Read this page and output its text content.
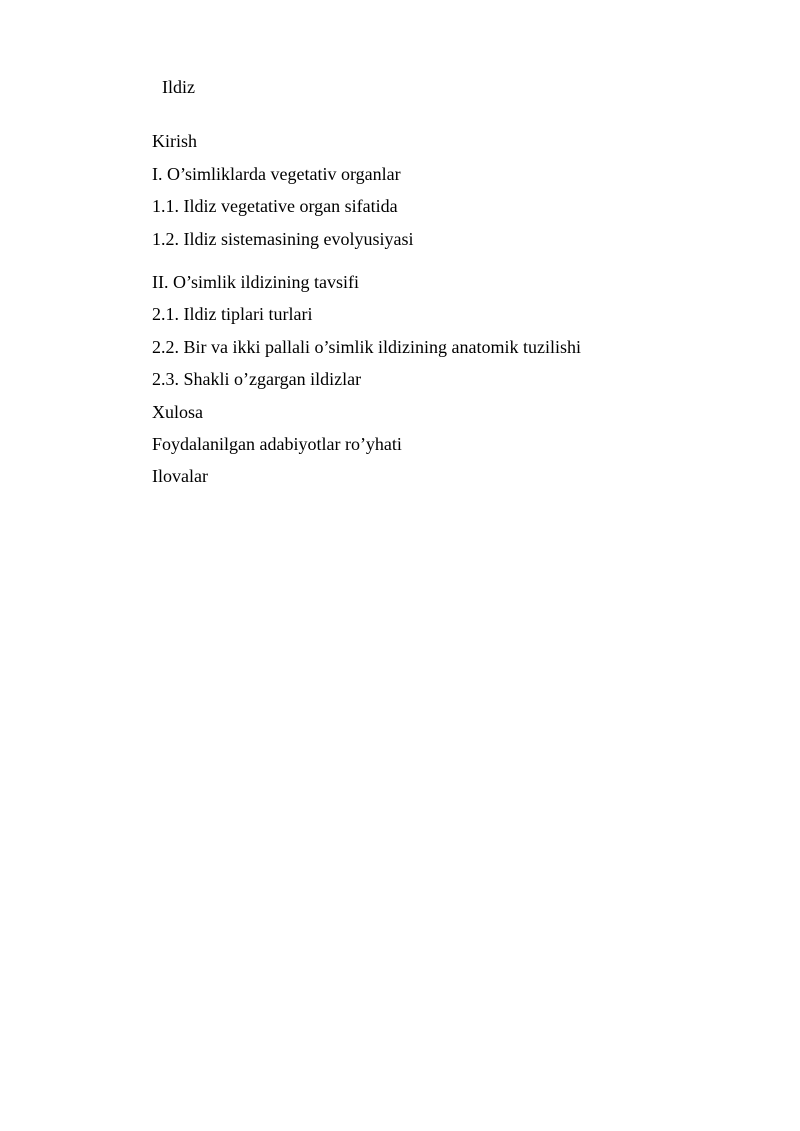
Ildiz
Kirish
I. O’simliklarda vegetativ organlar
1.1. Ildiz vegetative organ sifatida
1.2. Ildiz sistemasining evolyusiyasi
II. O’simlik ildizining tavsifi
2.1. Ildiz tiplari turlari
2.2. Bir va ikki pallali o’simlik ildizining anatomik tuzilishi
2.3. Shakli o’zgargan ildizlar
Xulosa
Foydalanilgan adabiyotlar ro’yhati
Ilovalar
